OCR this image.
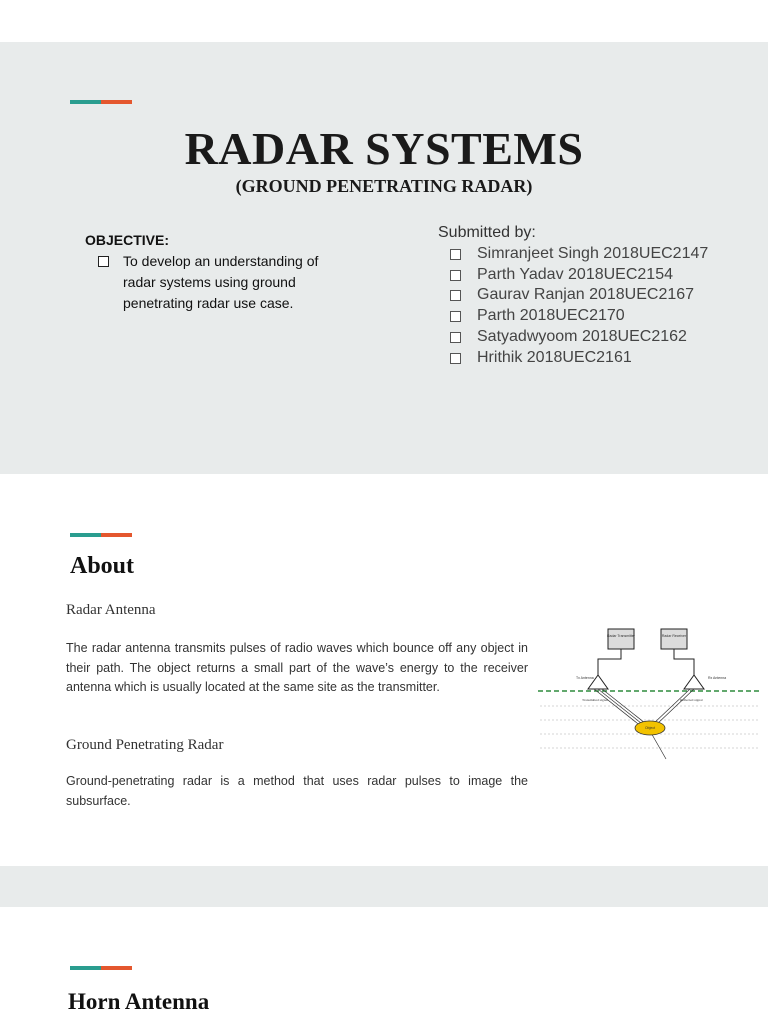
RADAR SYSTEMS
(GROUND PENETRATING RADAR)
OBJECTIVE:
To develop an understanding of radar systems using ground penetrating radar use case.
Submitted by:
Simranjeet Singh 2018UEC2147
Parth Yadav 2018UEC2154
Gaurav Ranjan 2018UEC2167
Parth 2018UEC2170
Satyadwyoom 2018UEC2162
Hrithik 2018UEC2161
About
Radar Antenna
The radar antenna transmits pulses of radio waves which bounce off any object in their path. The object returns a small part of the wave’s energy to the receiver antenna which is usually located at the same site as the transmitter.
Ground Penetrating Radar
Ground-penetrating radar is a method that uses radar pulses to image the subsurface.
Radar Transmitter	Radar Receiver
Tx Antenna	Rx Antenna
Transmitted signal	Reflected signal
Object
Horn Antenna
